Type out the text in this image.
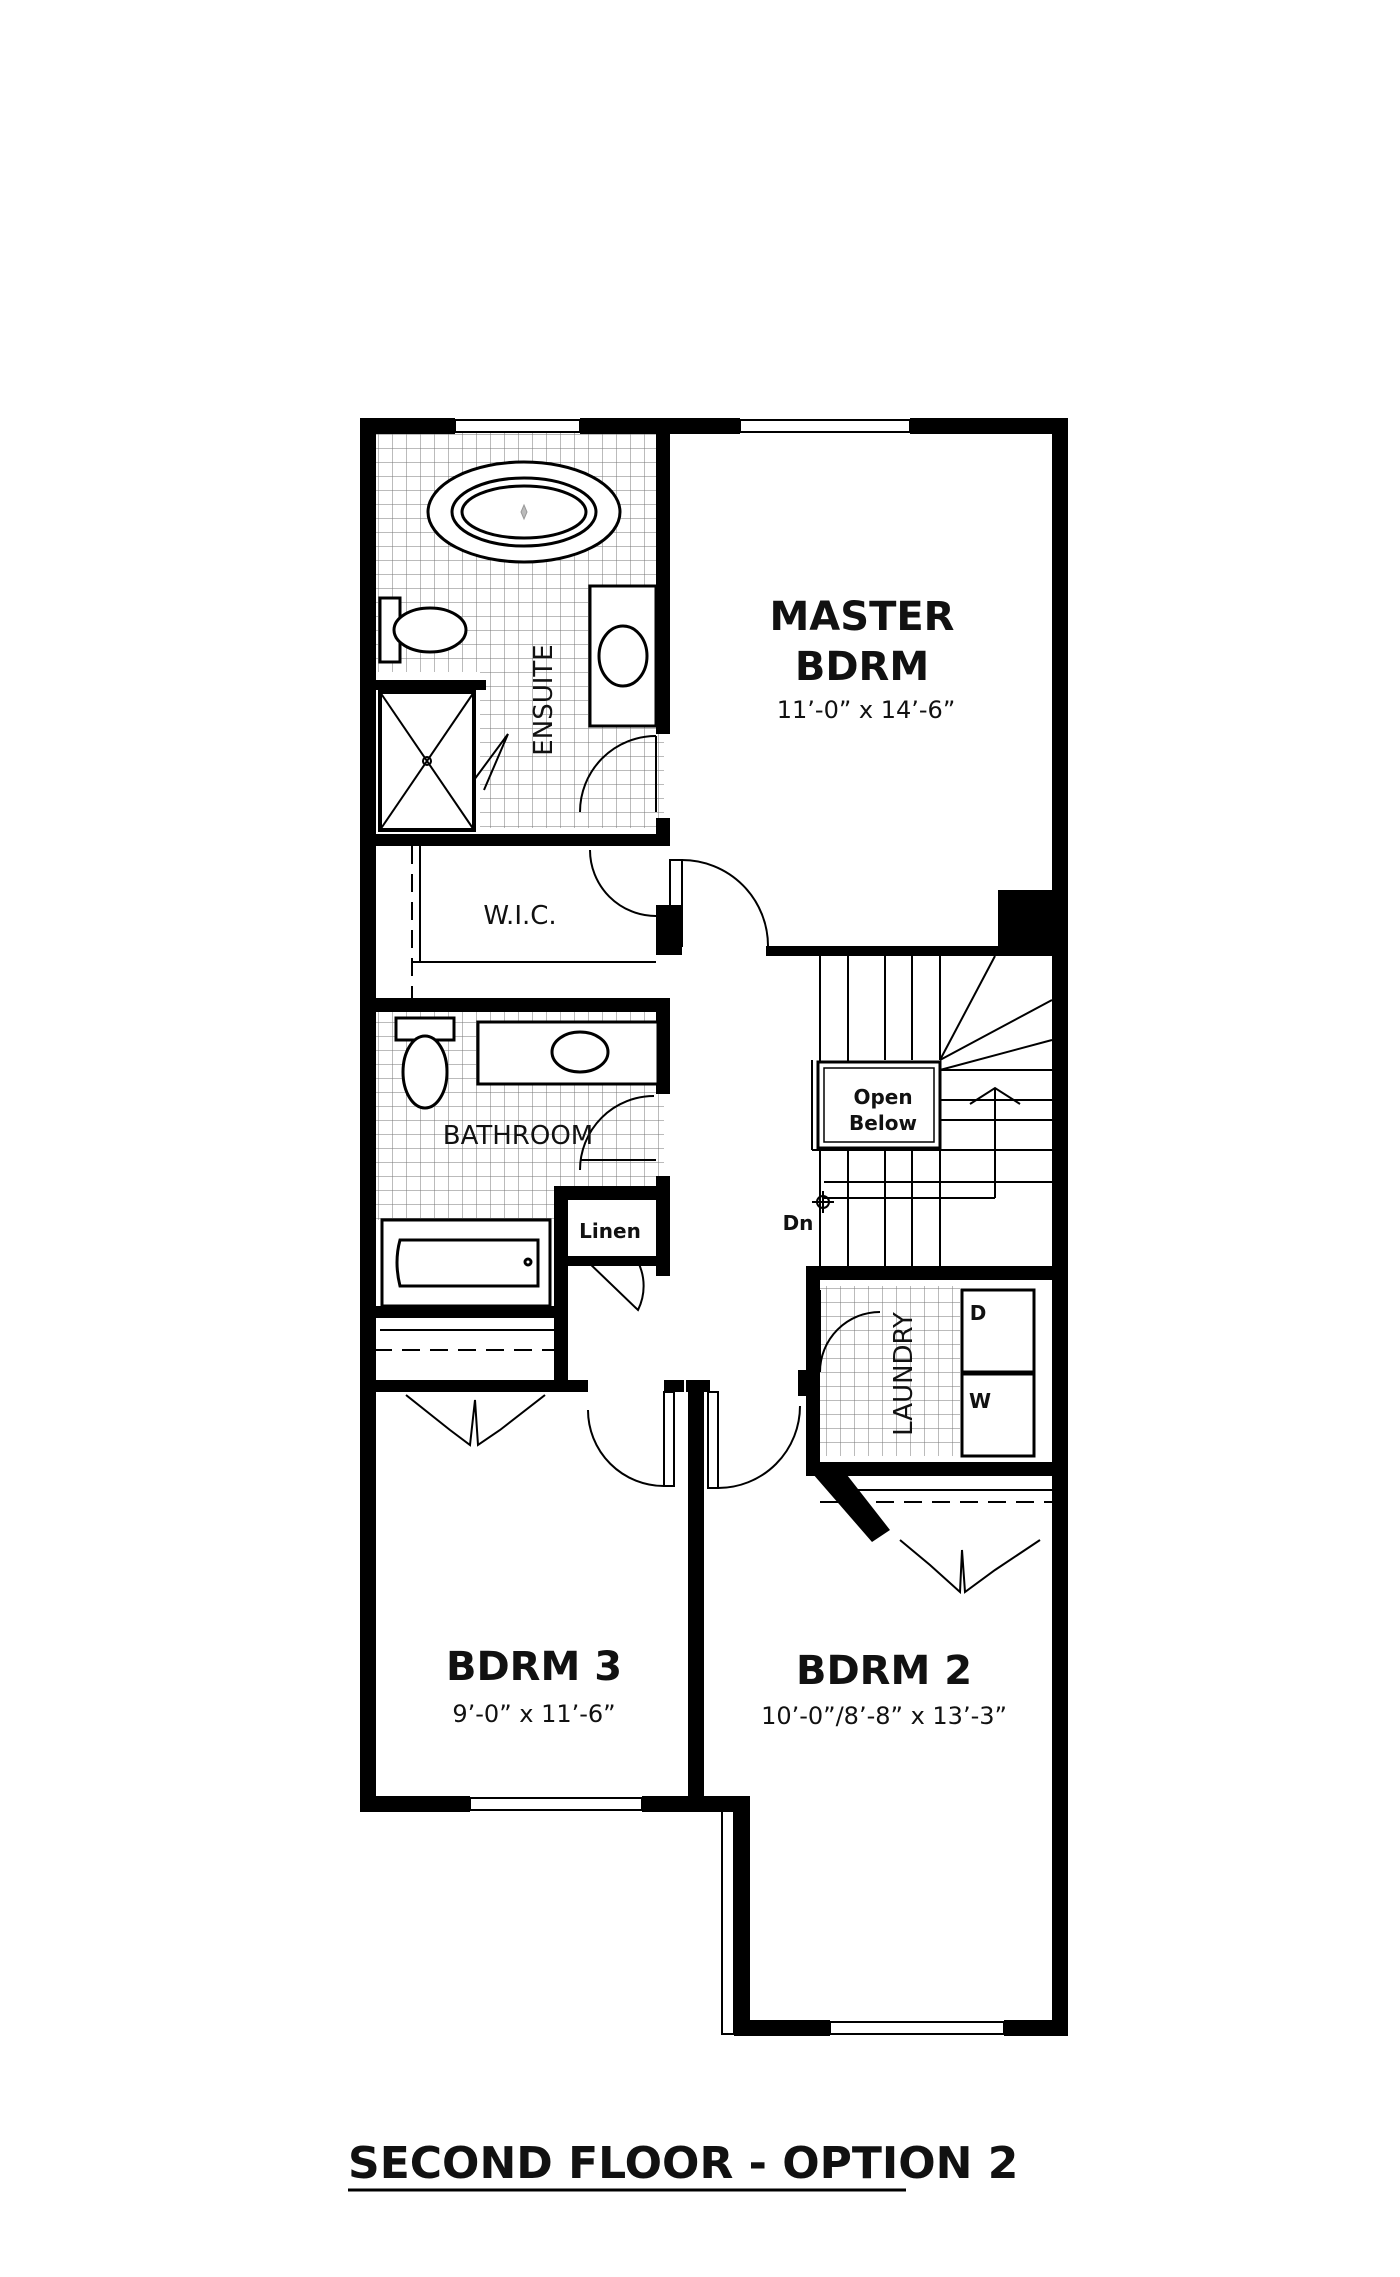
MASTER
BDRM
11’-0” x 14’-6”
ENSUITE
W.I.C.
BATHROOM
Linen
Open
Below
Dn
LAUNDRY	D
W
BDRM 3
9’-0” x 11’-6”
BDRM 2
10’-0”/8’-8” x 13’-3”
SECOND FLOOR - OPTION 2
